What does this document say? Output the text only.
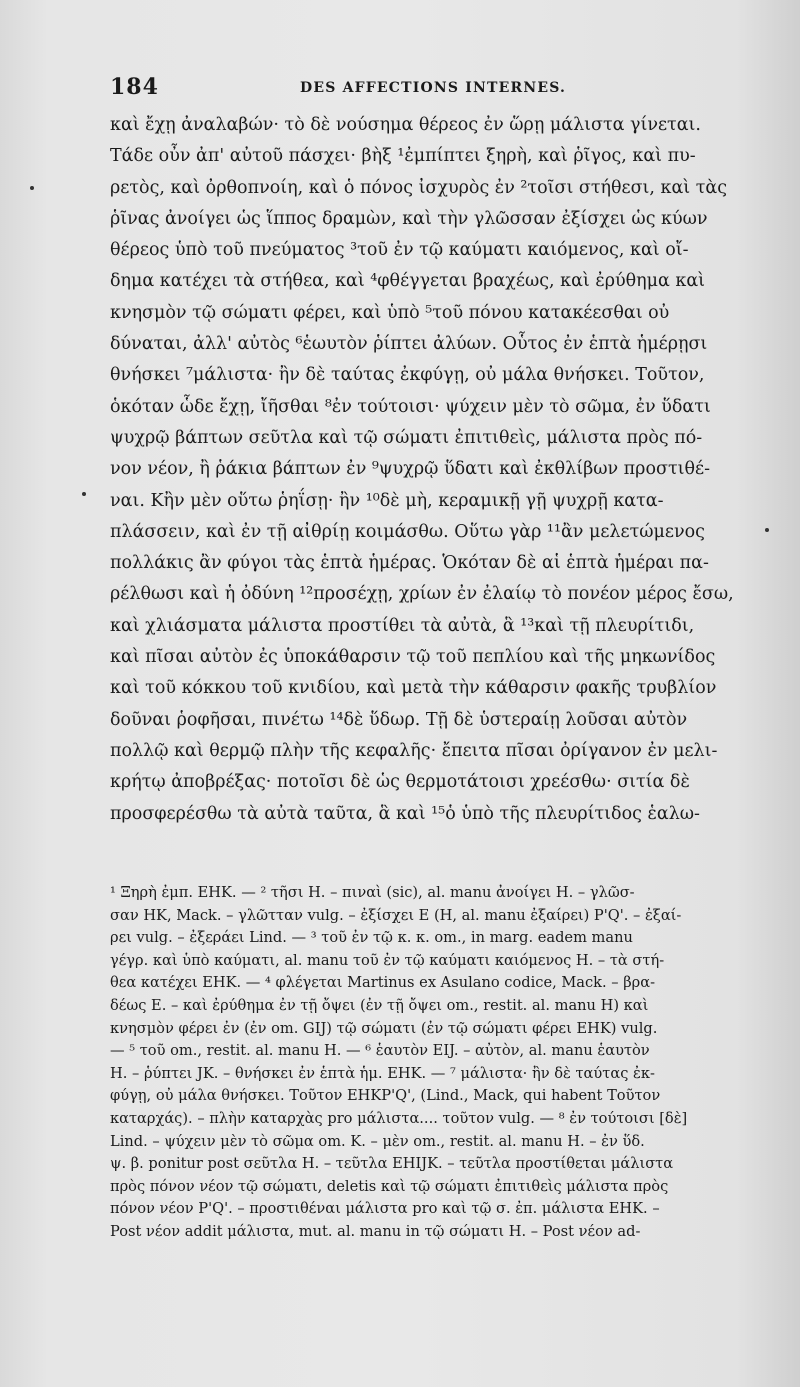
184	DES AFFECTIONS INTERNES.
καὶ ἔχῃ ἀναλαβών· τὸ δὲ νούσημα θέρεος ἐν ὥρῃ μάλιστα γίνεται.
Τάδε οὖν ἀπ' αὐτοῦ πάσχει· βὴξ ¹ἐμπίπτει ξηρὴ, καὶ ῥῖγος, καὶ πυ-
ρετὸς, καὶ ὀρθοπνοίη, καὶ ὁ πόνος ἰσχυρὸς ἐν ²τοῖσι στήθεσι, καὶ τὰς
ῥῖνας ἀνοίγει ὡς ἵππος δραμὼν, καὶ τὴν γλῶσσαν ἐξίσχει ὡς κύων
θέρεος ὑπὸ τοῦ πνεύματος ³τοῦ ἐν τῷ καύματι καιόμενος, καὶ οἴ-
δημα κατέχει τὰ στήθεα, καὶ ⁴φθέγγεται βραχέως, καὶ ἐρύθημα καὶ
κνησμὸν τῷ σώματι φέρει, καὶ ὑπὸ ⁵τοῦ πόνου κατακέεσθαι οὐ
δύναται, ἀλλ' αὐτὸς ⁶ἑωυτὸν ῥίπτει ἀλύων. Οὗτος ἐν ἑπτὰ ἡμέρῃσι
θνήσκει ⁷μάλιστα· ἢν δὲ ταύτας ἐκφύγῃ, οὐ μάλα θνήσκει. Τοῦτον,
ὁκόταν ὧδε ἔχῃ, ἴῆσθαι ⁸ἐν τούτοισι· ψύχειν μὲν τὸ σῶμα, ἐν ὕδατι
ψυχρῷ βάπτων σεῦτλα καὶ τῷ σώματι ἐπιτιθεὶς, μάλιστα πρὸς πό-
νον νέον, ἢ ῥάκια βάπτων ἐν ⁹ψυχρῷ ὕδατι καὶ ἐκθλίβων προστιθέ-
ναι. Κἢν μὲν οὕτω ῥηΐσῃ· ἢν ¹⁰δὲ μὴ, κεραμικῇ γῇ ψυχρῇ κατα-
πλάσσειν, καὶ ἐν τῇ αἰθρίῃ κοιμάσθω. Οὕτω γὰρ ¹¹ἂν μελετώμενος
πολλάκις ἂν φύγοι τὰς ἑπτὰ ἡμέρας. Ὁκόταν δὲ αἱ ἑπτὰ ἡμέραι πα-
ρέλθωσι καὶ ἡ ὀδύνη ¹²προσέχῃ, χρίων ἐν ἐλαίῳ τὸ πονέον μέρος ἔσω,
καὶ χλιάσματα μάλιστα προστίθει τὰ αὐτὰ, ἃ ¹³καὶ τῇ πλευρίτιδι,
καὶ πῖσαι αὐτὸν ἐς ὑποκάθαρσιν τῷ τοῦ πεπλίου καὶ τῆς μηκωνίδος
καὶ τοῦ κόκκου τοῦ κνιδίου, καὶ μετὰ τὴν κάθαρσιν φακῆς τρυβλίον
δοῦναι ῥοφῆσαι, πινέτω ¹⁴δὲ ὕδωρ. Τῇ δὲ ὑστεραίῃ λοῦσαι αὐτὸν
πολλῷ καὶ θερμῷ πλὴν τῆς κεφαλῆς· ἔπειτα πῖσαι ὀρίγανον ἐν μελι-
κρήτῳ ἀποβρέξας· ποτοῖσι δὲ ὡς θερμοτάτοισι χρεέσθω· σιτία δὲ
προσφερέσθω τὰ αὐτὰ ταῦτα, ἃ καὶ ¹⁵ὁ ὑπὸ τῆς πλευρίτιδος ἑαλω-
¹ Ξηρὴ ἐμπ. EHK. — ² τῆσι H. – πιναὶ (sic), al. manu ἀνοίγει H. – γλῶσ-
σαν HK, Mack. – γλῶτταν vulg. – ἐξίσχει E (H, al. manu ἐξαίρει) P'Q'. – ἐξαί-
ρει vulg. – ἐξεράει Lind. — ³ τοῦ ἐν τῷ κ. κ. om., in marg. eadem manu
γέγρ. καὶ ὑπὸ καύματι, al. manu τοῦ ἐν τῷ καύματι καιόμενος H. – τὰ στή-
θεα κατέχει EHK. — ⁴ φλέγεται Martinus ex Asulano codice, Mack. – βρα-
δέως E. – καὶ ἐρύθημα ἐν τῇ ὄψει (ἐν τῇ ὄψει om., restit. al. manu H) καὶ
κνησμὸν φέρει ἐν (ἐν om. GIJ) τῷ σώματι (ἐν τῷ σώματι φέρει EHK) vulg.
— ⁵ τοῦ om., restit. al. manu H. — ⁶ ἑαυτὸν EIJ. – αὐτὸν, al. manu ἑαυτὸν
H. – ῥύπτει JK. – θνήσκει ἐν ἑπτὰ ἡμ. EHK. — ⁷ μάλιστα· ἢν δὲ ταύτας ἐκ-
φύγῃ, οὐ μάλα θνήσκει. Τοῦτον EHKP'Q', (Lind., Mack, qui habent Τοῦτον
καταρχάς). – πλὴν καταρχὰς pro μάλιστα.... τοῦτον vulg. — ⁸ ἐν τούτοισι [δὲ]
Lind. – ψύχειν μὲν τὸ σῶμα om. K. – μὲν om., restit. al. manu H. – ἐν ὕδ.
ψ. β. ponitur post σεῦτλα H. – τεῦτλα EHIJK. – τεῦτλα προστίθεται μάλιστα
πρὸς πόνον νέον τῷ σώματι, deletis καὶ τῷ σώματι ἐπιτιθεὶς μάλιστα πρὸς
πόνον νέον P'Q'. – προστιθέναι μάλιστα pro καὶ τῷ σ. ἐπ. μάλιστα EHK. –
Post νέον addit μάλιστα, mut. al. manu in τῷ σώματι H. – Post νέον ad-
